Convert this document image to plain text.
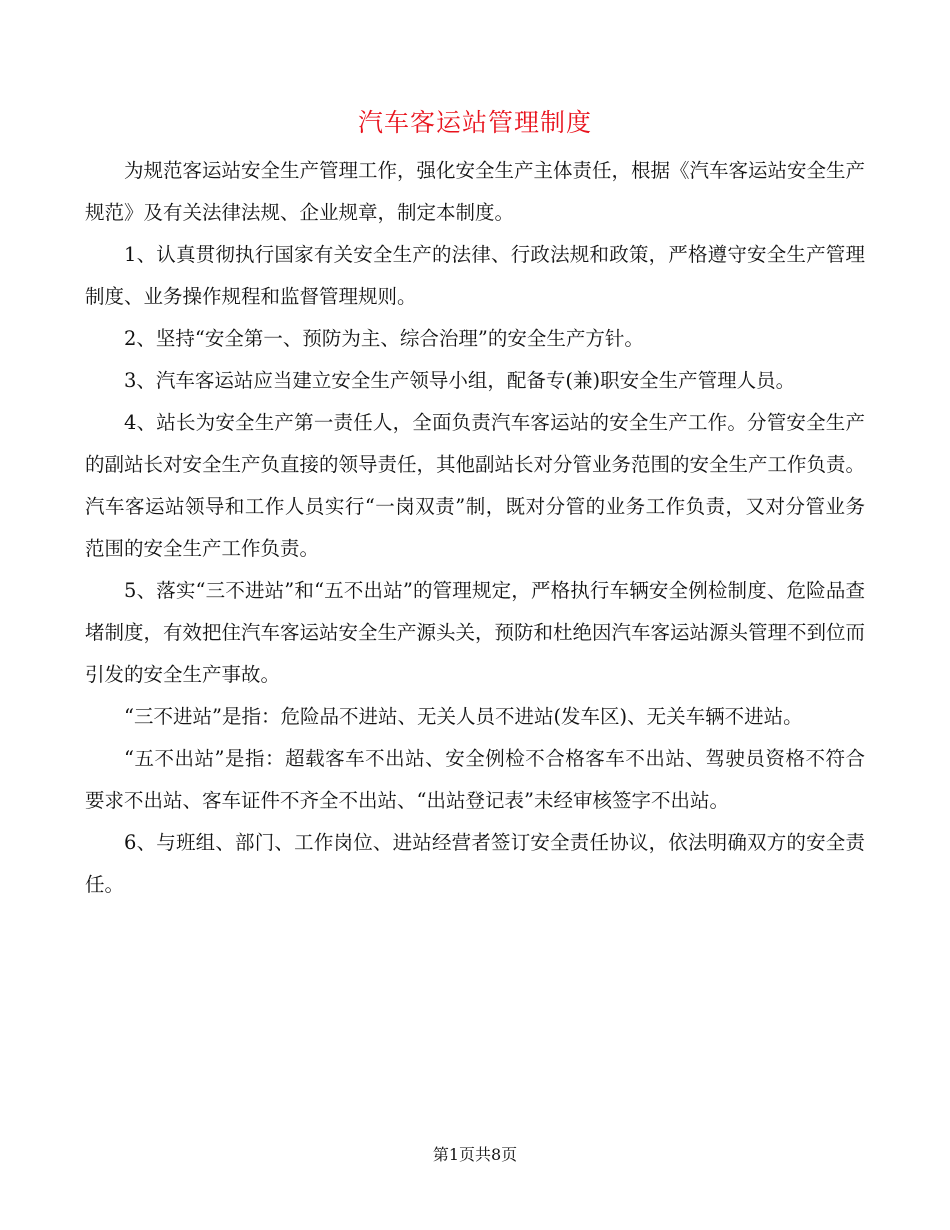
汽车客运站管理制度

为规范客运站安全生产管理工作，强化安全生产主体责任，根据《汽车客运站安全生产规范》及有关法律法规、企业规章，制定本制度。

1、认真贯彻执行国家有关安全生产的法律、行政法规和政策，严格遵守安全生产管理制度、业务操作规程和监督管理规则。

2、坚持“安全第一、预防为主、综合治理”的安全生产方针。

3、汽车客运站应当建立安全生产领导小组，配备专(兼)职安全生产管理人员。

4、站长为安全生产第一责任人，全面负责汽车客运站的安全生产工作。分管安全生产的副站长对安全生产负直接的领导责任，其他副站长对分管业务范围的安全生产工作负责。汽车客运站领导和工作人员实行“一岗双责”制，既对分管的业务工作负责，又对分管业务范围的安全生产工作负责。

5、落实“三不进站”和“五不出站”的管理规定，严格执行车辆安全例检制度、危险品查堵制度，有效把住汽车客运站安全生产源头关，预防和杜绝因汽车客运站源头管理不到位而引发的安全生产事故。

“三不进站”是指：危险品不进站、无关人员不进站(发车区)、无关车辆不进站。

“五不出站”是指：超载客车不出站、安全例检不合格客车不出站、驾驶员资格不符合要求不出站、客车证件不齐全不出站、“出站登记表”未经审核签字不出站。

6、与班组、部门、工作岗位、进站经营者签订安全责任协议，依法明确双方的安全责任。

第1页共8页
